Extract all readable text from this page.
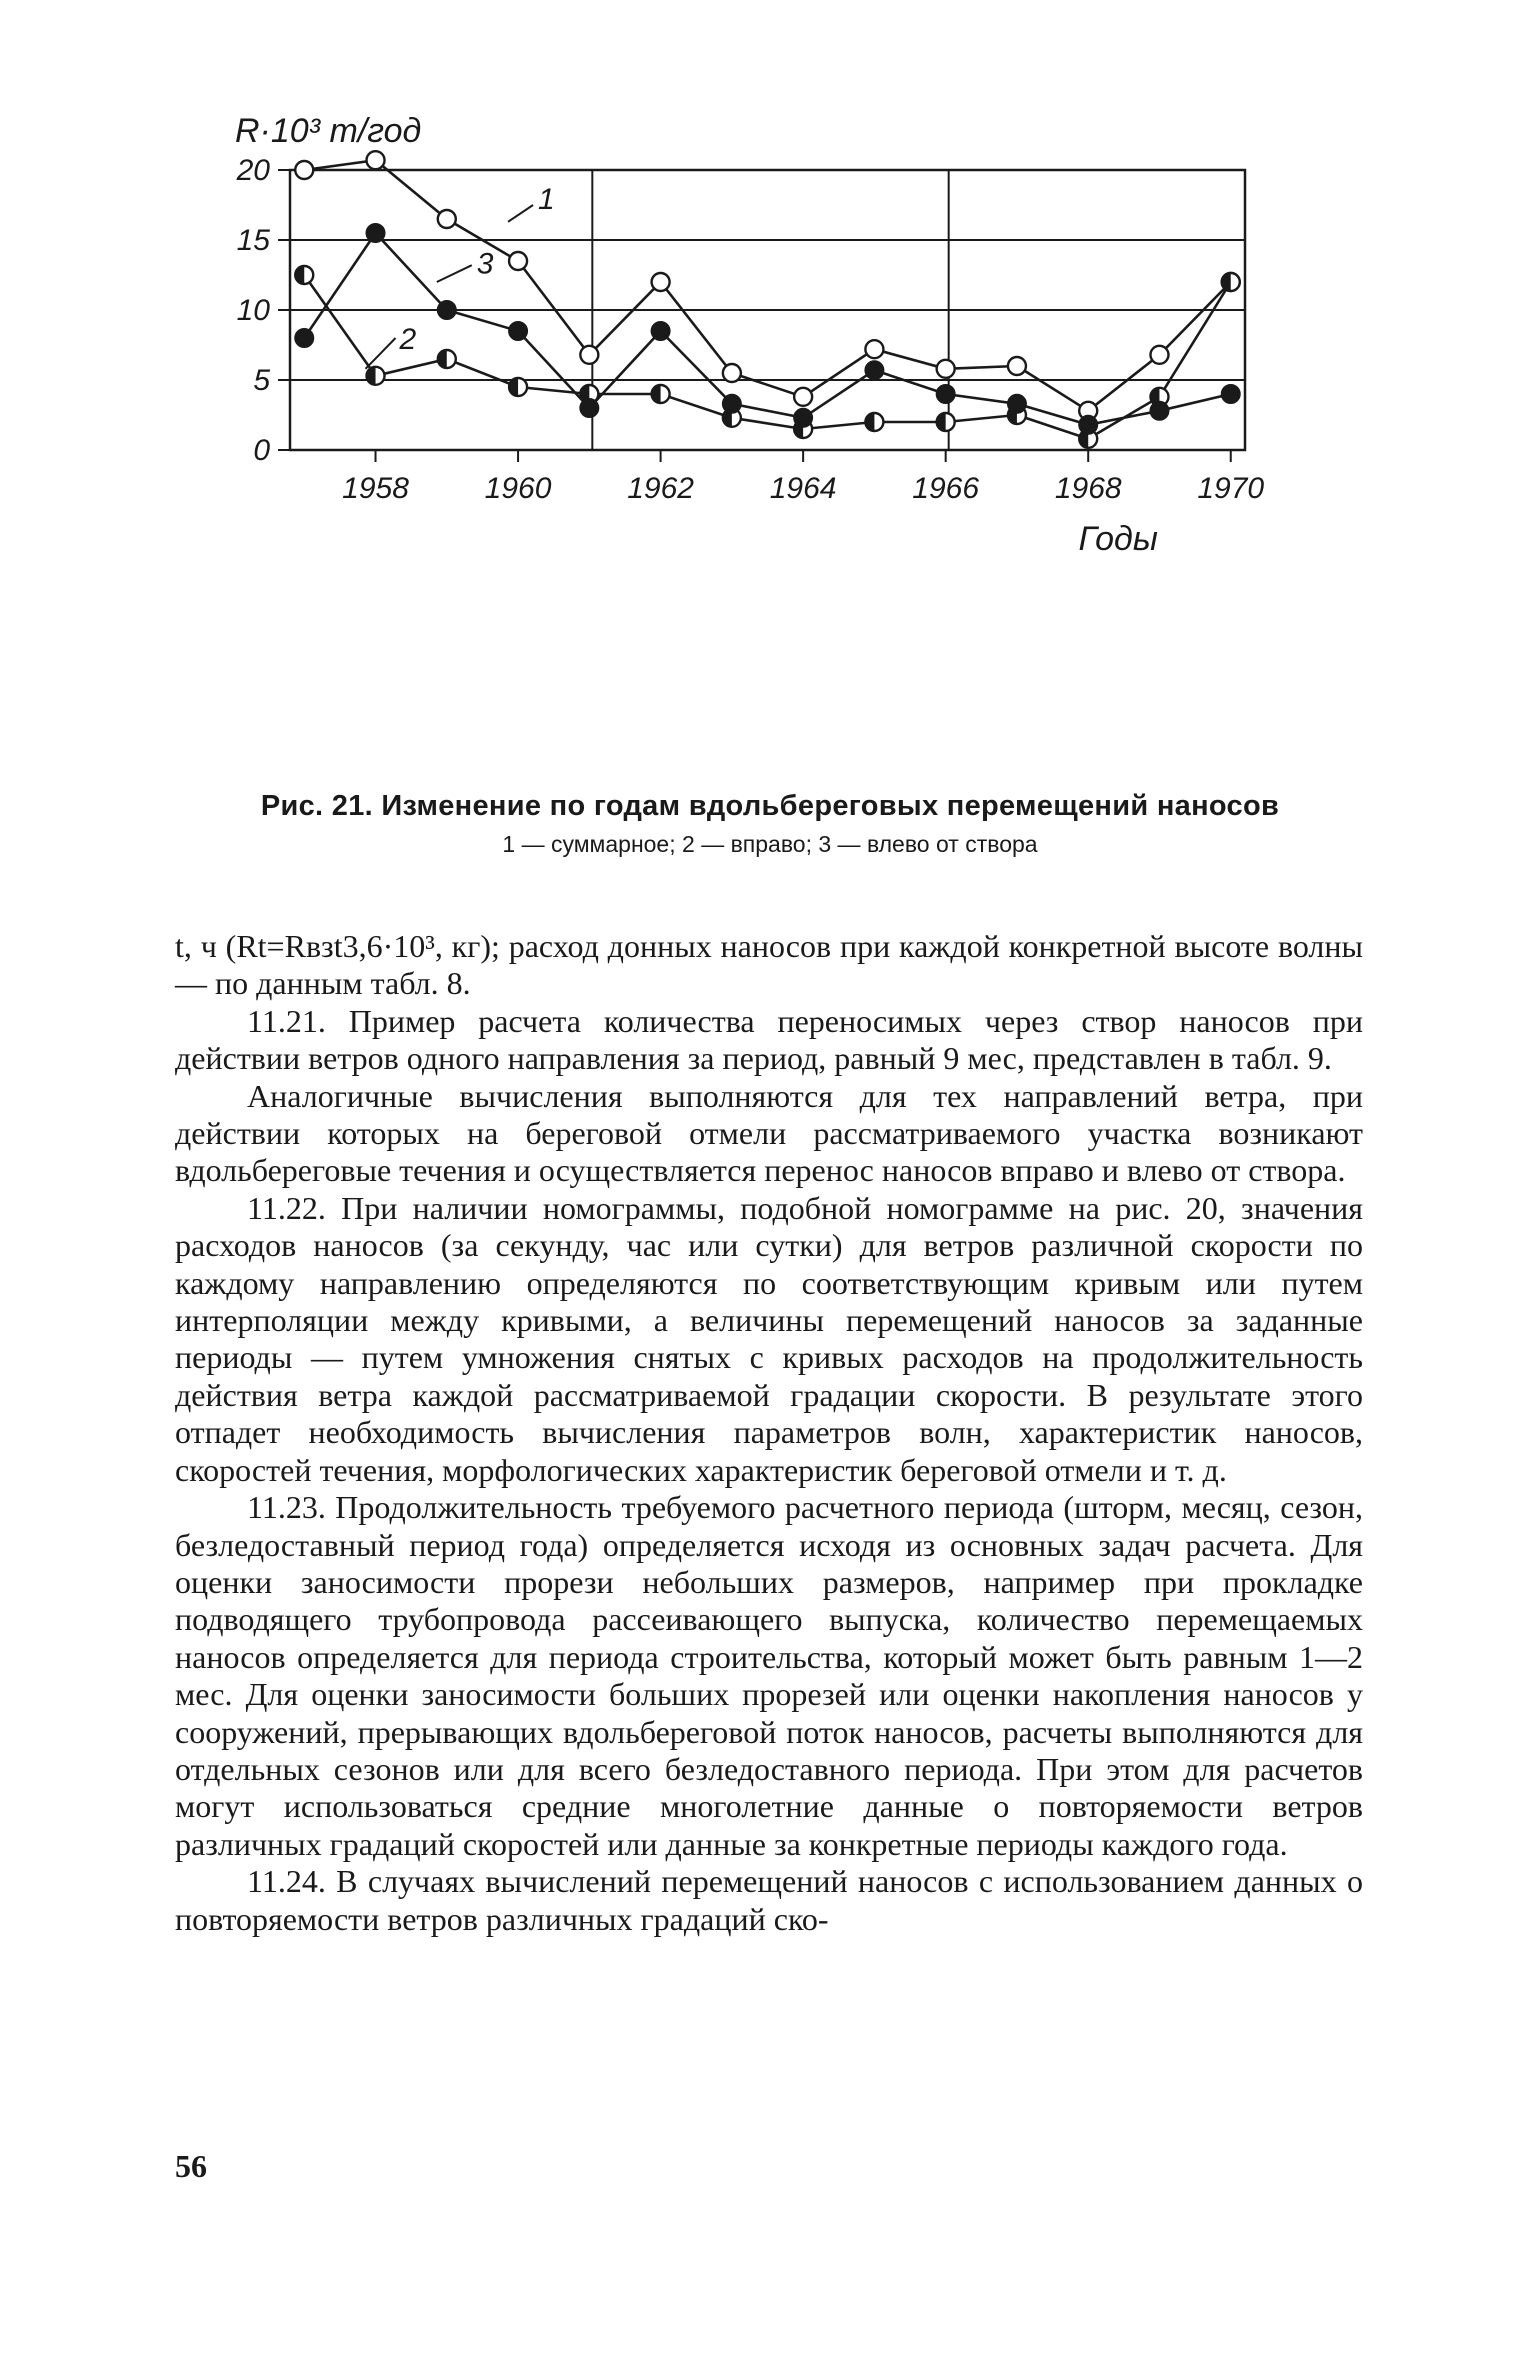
0
5
10
15
20
1958	1960	1962	1964	1966	1968	1970
R·10³ т/год
Годы
1
3
2
Рис. 21. Изменение по годам вдольбереговых перемещений наносов
1 — суммарное; 2 — вправо; 3 — влево от створа

t, ч (Rt=Rвзt3,6·10³, кг); расход донных наносов при каждой конкретной высоте волны — по данным табл. 8.

11.21. Пример расчета количества переносимых через створ наносов при действии ветров одного направления за период, равный 9 мес, представлен в табл. 9.

Аналогичные вычисления выполняются для тех направлений ветра, при действии которых на береговой отмели рассматриваемого участка возникают вдольбереговые течения и осуществляется перенос наносов вправо и влево от створа.

11.22. При наличии номограммы, подобной номограмме на рис. 20, значения расходов наносов (за секунду, час или сутки) для ветров различной скорости по каждому направлению определяются по соответствующим кривым или путем интерполяции между кривыми, а величины перемещений наносов за заданные периоды — путем умножения снятых с кривых расходов на продолжительность действия ветра каждой рассматриваемой градации скорости. В результате этого отпадет необходимость вычисления параметров волн, характеристик наносов, скоростей течения, морфологических характеристик береговой отмели и т. д.

11.23. Продолжительность требуемого расчетного периода (шторм, месяц, сезон, безледоставный период года) определяется исходя из основных задач расчета. Для оценки заносимости прорези небольших размеров, например при прокладке подводящего трубопровода рассеивающего выпуска, количество перемещаемых наносов определяется для периода строительства, который может быть равным 1—2 мес. Для оценки заносимости больших прорезей или оценки накопления наносов у сооружений, прерывающих вдольбереговой поток наносов, расчеты выполняются для отдельных сезонов или для всего безледоставного периода. При этом для расчетов могут использоваться средние многолетние данные о повторяемости ветров различных градаций скоростей или данные за конкретные периоды каждого года.

11.24. В случаях вычислений перемещений наносов с использованием данных о повторяемости ветров различных градаций ско-

56
